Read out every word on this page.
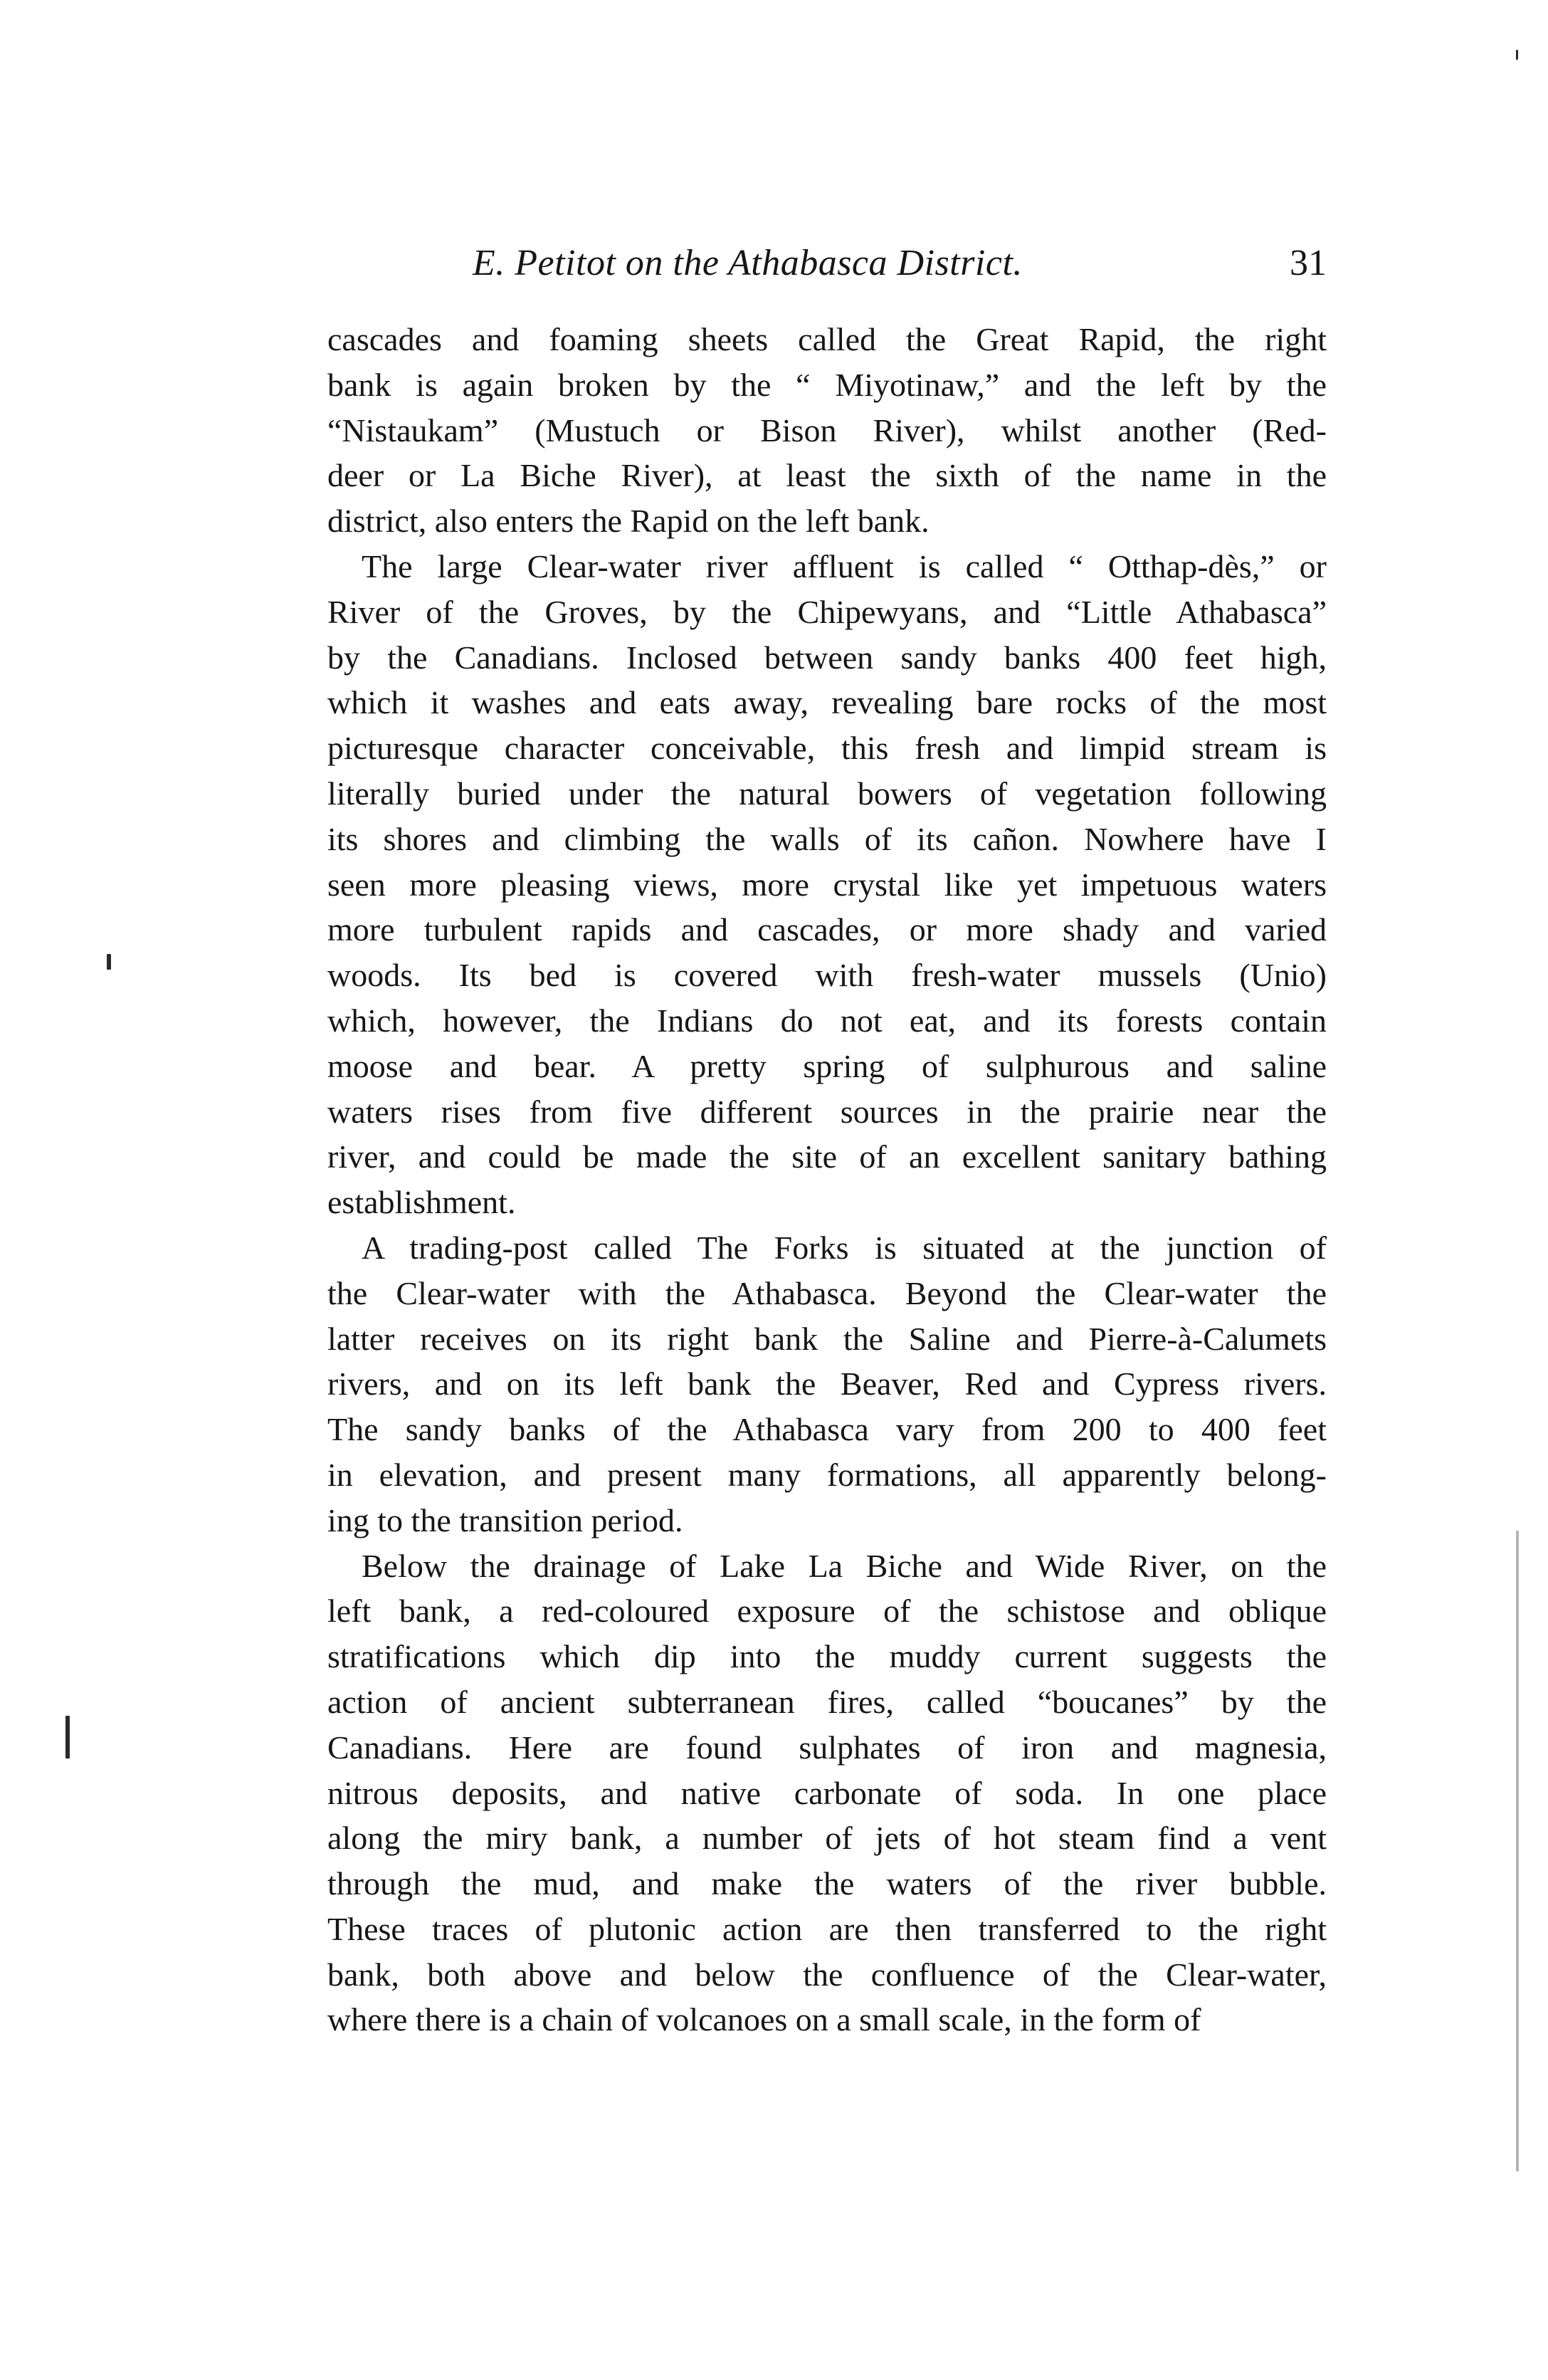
E. Petitot on the Athabasca District.	31
cascades and foaming sheets called the Great Rapid, the right
bank is again broken by the “ Miyotinaw,” and the left by the
“Nistaukam” (Mustuch or Bison River), whilst another (Red-
deer or La Biche River), at least the sixth of the name in the
district, also enters the Rapid on the left bank.
The large Clear-water river affluent is called “ Otthap-dès,” or
River of the Groves, by the Chipewyans, and “Little Athabasca”
by the Canadians. Inclosed between sandy banks 400 feet high,
which it washes and eats away, revealing bare rocks of the most
picturesque character conceivable, this fresh and limpid stream is
literally buried under the natural bowers of vegetation following
its shores and climbing the walls of its cañon. Nowhere have I
seen more pleasing views, more crystal like yet impetuous waters
more turbulent rapids and cascades, or more shady and varied
woods. Its bed is covered with fresh-water mussels (Unio)
which, however, the Indians do not eat, and its forests contain
moose and bear. A pretty spring of sulphurous and saline
waters rises from five different sources in the prairie near the
river, and could be made the site of an excellent sanitary bathing
establishment.
A trading-post called The Forks is situated at the junction of
the Clear-water with the Athabasca. Beyond the Clear-water the
latter receives on its right bank the Saline and Pierre-à-Calumets
rivers, and on its left bank the Beaver, Red and Cypress rivers.
The sandy banks of the Athabasca vary from 200 to 400 feet
in elevation, and present many formations, all apparently belong-
ing to the transition period.
Below the drainage of Lake La Biche and Wide River, on the
left bank, a red-coloured exposure of the schistose and oblique
stratifications which dip into the muddy current suggests the
action of ancient subterranean fires, called “boucanes” by the
Canadians. Here are found sulphates of iron and magnesia,
nitrous deposits, and native carbonate of soda. In one place
along the miry bank, a number of jets of hot steam find a vent
through the mud, and make the waters of the river bubble.
These traces of plutonic action are then transferred to the right
bank, both above and below the confluence of the Clear-water,
where there is a chain of volcanoes on a small scale, in the form of
